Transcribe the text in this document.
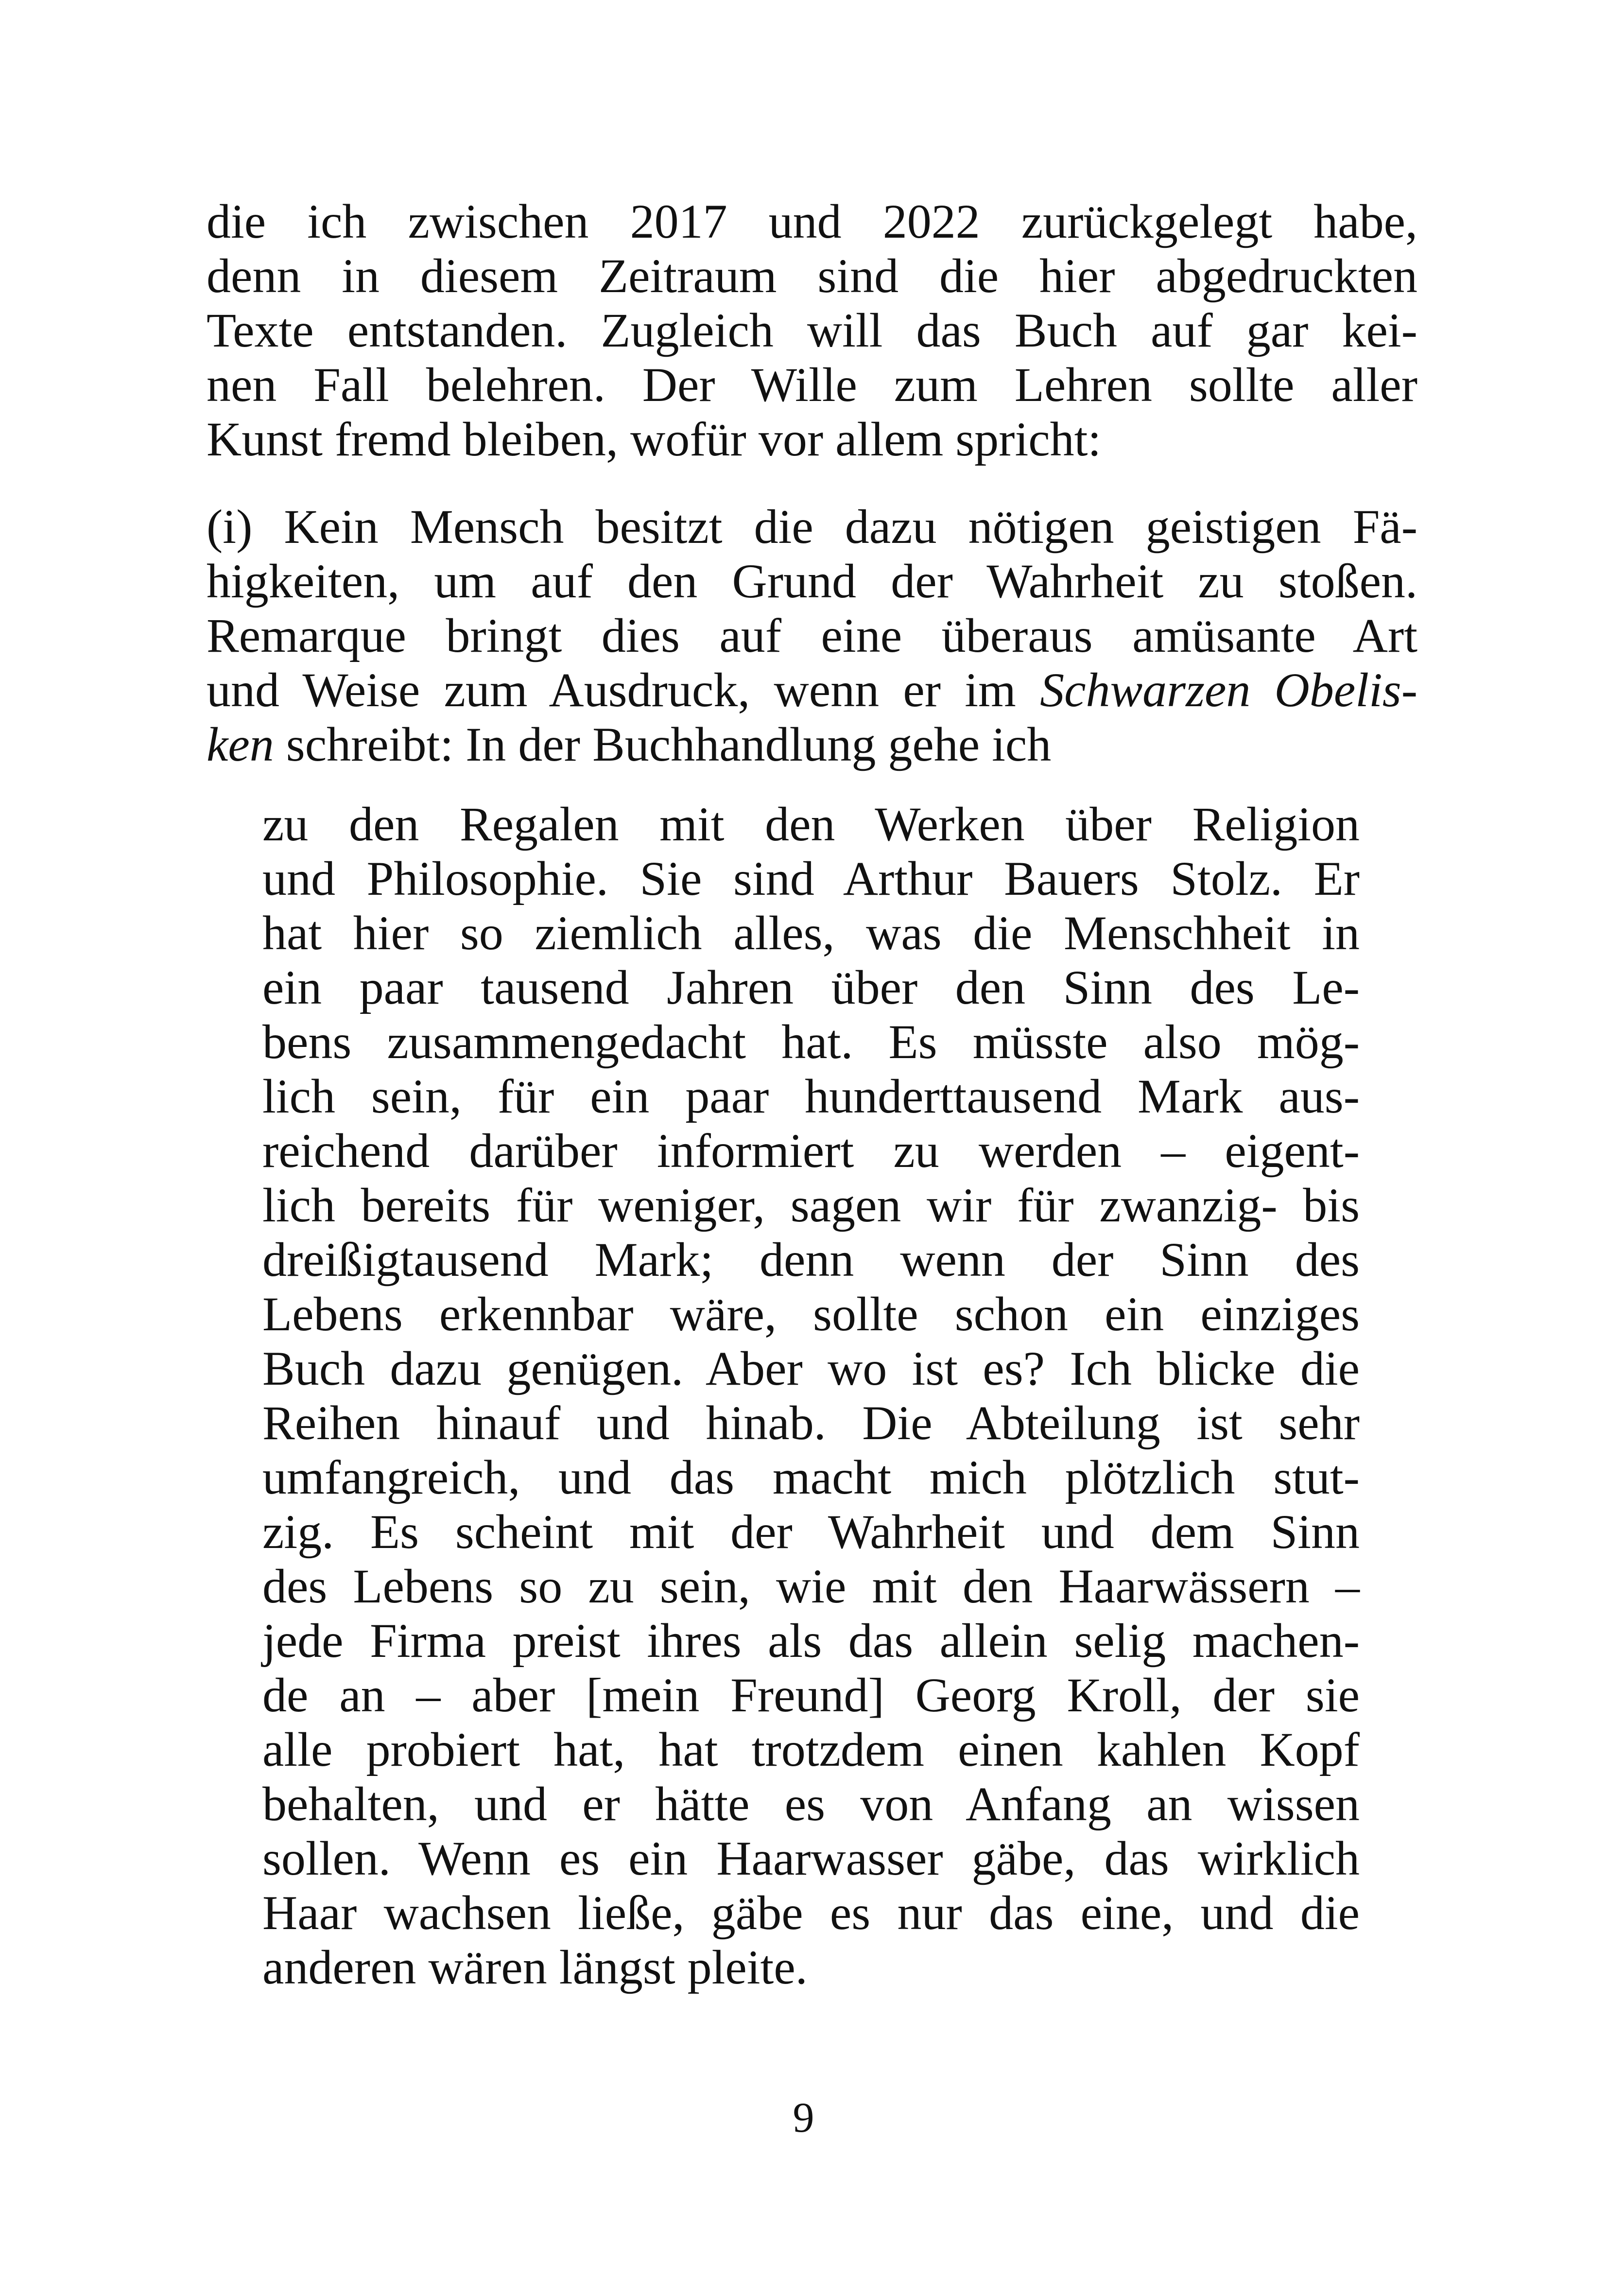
die ich zwischen 2017 und 2022 zurückgelegt habe,
denn in diesem Zeitraum sind die hier abgedruckten
Texte entstanden. Zugleich will das Buch auf gar kei-
nen Fall belehren. Der Wille zum Lehren sollte aller
Kunst fremd bleiben, wofür vor allem spricht:
(i) Kein Mensch besitzt die dazu nötigen geistigen Fä-
higkeiten, um auf den Grund der Wahrheit zu stoßen.
Remarque bringt dies auf eine überaus amüsante Art
und Weise zum Ausdruck, wenn er im Schwarzen Obelis-
ken schreibt: In der Buchhandlung gehe ich
zu den Regalen mit den Werken über Religion
und Philosophie. Sie sind Arthur Bauers Stolz. Er
hat hier so ziemlich alles, was die Menschheit in
ein paar tausend Jahren über den Sinn des Le-
bens zusammengedacht hat. Es müsste also mög-
lich sein, für ein paar hunderttausend Mark aus-
reichend darüber informiert zu werden – eigent-
lich bereits für weniger, sagen wir für zwanzig- bis
dreißigtausend Mark; denn wenn der Sinn des
Lebens erkennbar wäre, sollte schon ein einziges
Buch dazu genügen. Aber wo ist es? Ich blicke die
Reihen hinauf und hinab. Die Abteilung ist sehr
umfangreich, und das macht mich plötzlich stut-
zig. Es scheint mit der Wahrheit und dem Sinn
des Lebens so zu sein, wie mit den Haarwässern –
jede Firma preist ihres als das allein selig machen-
de an – aber [mein Freund] Georg Kroll, der sie
alle probiert hat, hat trotzdem einen kahlen Kopf
behalten, und er hätte es von Anfang an wissen
sollen. Wenn es ein Haarwasser gäbe, das wirklich
Haar wachsen ließe, gäbe es nur das eine, und die
anderen wären längst pleite.
9
